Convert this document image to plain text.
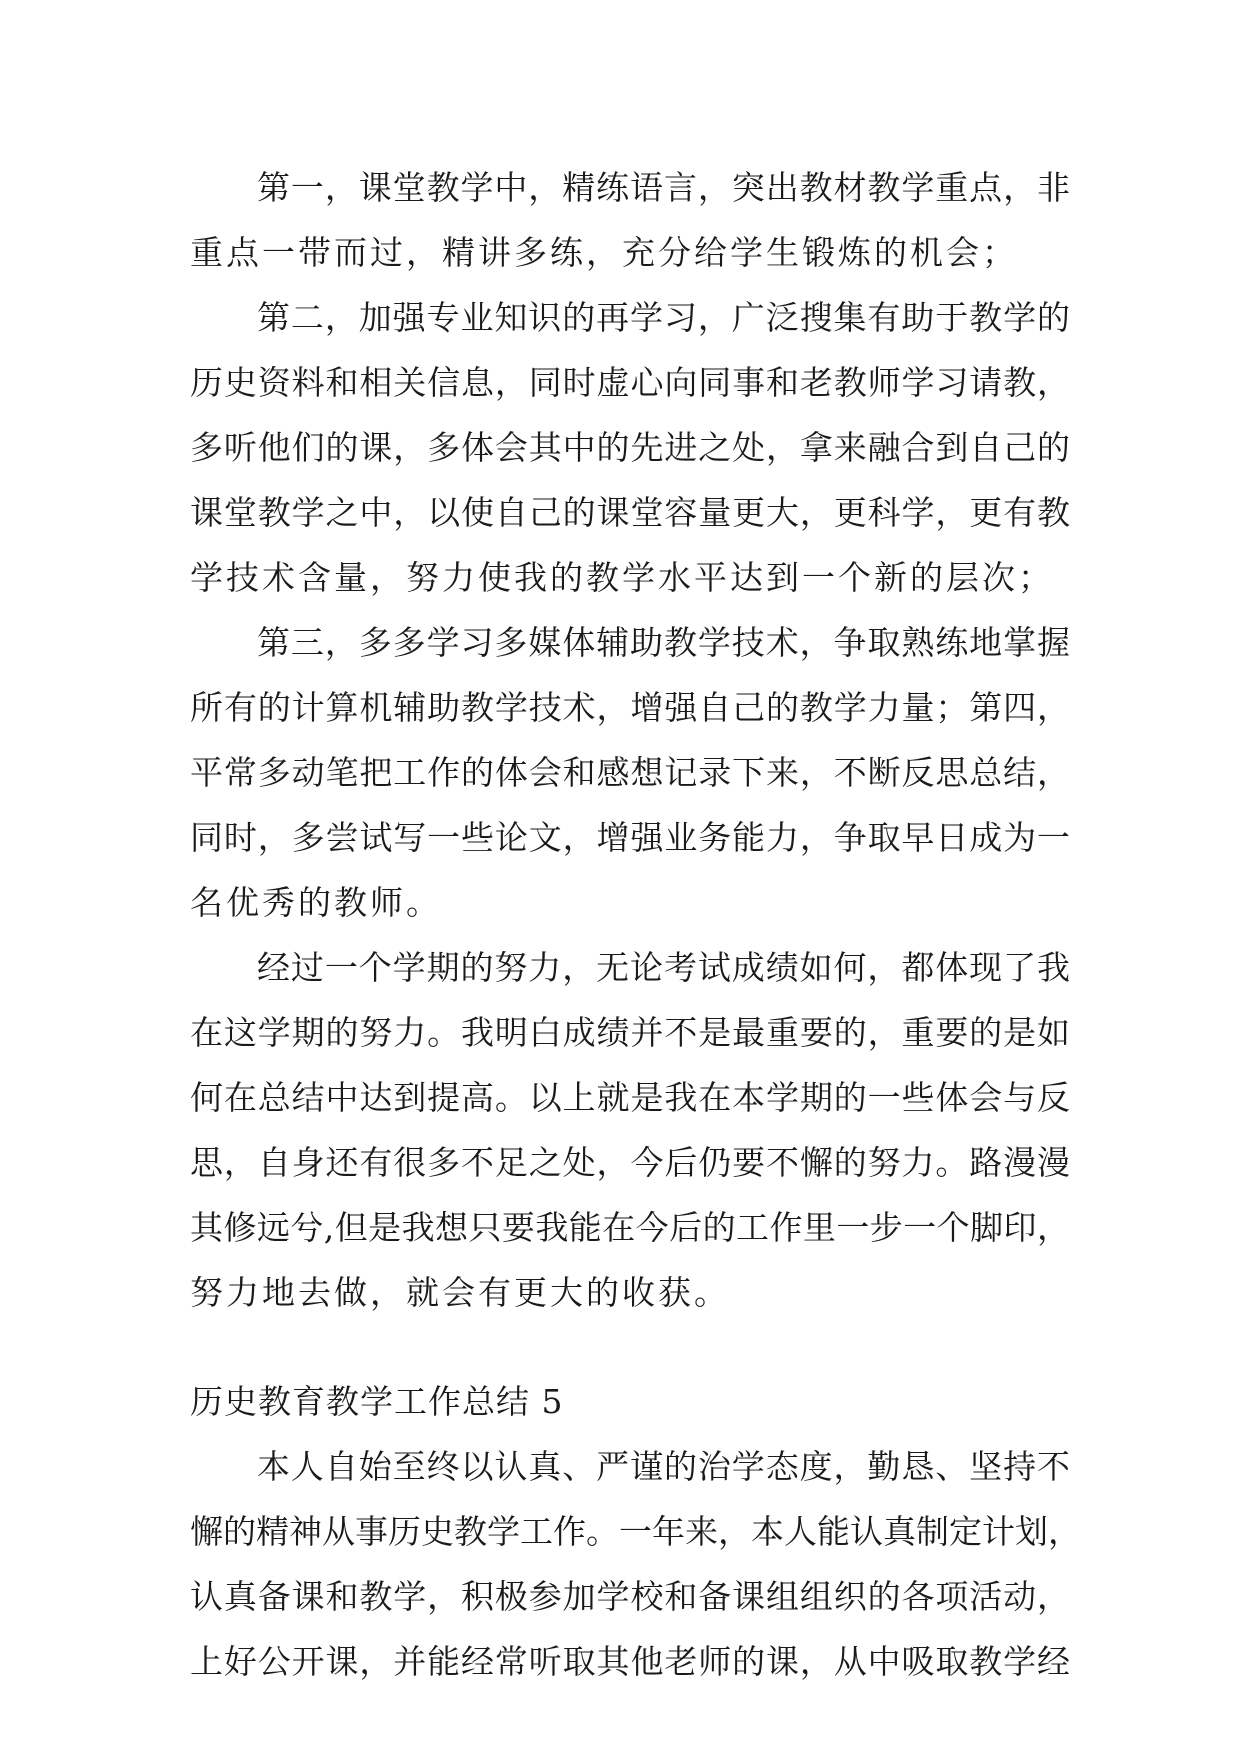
第一，课堂教学中，精练语言，突出教材教学重点，非
重点一带而过，精讲多练，充分给学生锻炼的机会；
第二，加强专业知识的再学习，广泛搜集有助于教学的
历史资料和相关信息，同时虚心向同事和老教师学习请教，
多听他们的课，多体会其中的先进之处，拿来融合到自己的
课堂教学之中，以使自己的课堂容量更大，更科学，更有教
学技术含量，努力使我的教学水平达到一个新的层次；
第三，多多学习多媒体辅助教学技术，争取熟练地掌握
所有的计算机辅助教学技术，增强自己的教学力量；第四，
平常多动笔把工作的体会和感想记录下来，不断反思总结，
同时，多尝试写一些论文，增强业务能力，争取早日成为一
名优秀的教师。
经过一个学期的努力，无论考试成绩如何，都体现了我
在这学期的努力。我明白成绩并不是最重要的，重要的是如
何在总结中达到提高。以上就是我在本学期的一些体会与反
思，自身还有很多不足之处，今后仍要不懈的努力。路漫漫
其修远兮,但是我想只要我能在今后的工作里一步一个脚印，
努力地去做，就会有更大的收获。
历史教育教学工作总结 5
本人自始至终以认真、严谨的治学态度，勤恳、坚持不
懈的精神从事历史教学工作。一年来，本人能认真制定计划，
认真备课和教学，积极参加学校和备课组组织的各项活动，
上好公开课，并能经常听取其他老师的课，从中吸取教学经
